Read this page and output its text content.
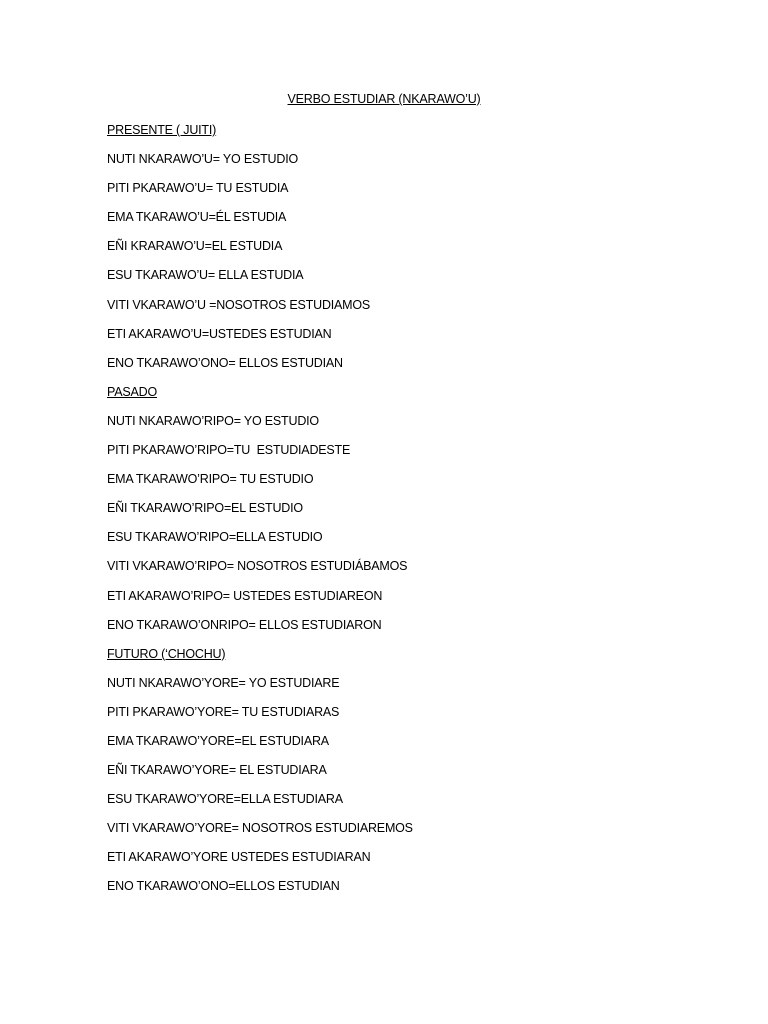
VERBO ESTUDIAR (NKARAWO’U)
PRESENTE ( JUITI)
NUTI NKARAWO’U= YO ESTUDIO
PITI PKARAWO’U= TU ESTUDIA
EMA TKARAWO’U=ÉL ESTUDIA
EÑI KRARAWO’U=EL ESTUDIA
ESU TKARAWO’U= ELLA ESTUDIA
VITI VKARAWO’U =NOSOTROS ESTUDIAMOS
ETI AKARAWO’U=USTEDES ESTUDIAN
ENO TKARAWO’ONO= ELLOS ESTUDIAN
PASADO
NUTI NKARAWO’RIPO= YO ESTUDIO
PITI PKARAWO’RIPO=TU  ESTUDIADESTE
EMA TKARAWO’RIPO= TU ESTUDIO
EÑI TKARAWO’RIPO=EL ESTUDIO
ESU TKARAWO’RIPO=ELLA ESTUDIO
VITI VKARAWO’RIPO= NOSOTROS ESTUDIÁBAMOS
ETI AKARAWO’RIPO= USTEDES ESTUDIAREON
ENO TKARAWO’ONRIPO= ELLOS ESTUDIARON
FUTURO (‘CHOCHU)
NUTI NKARAWO’YORE= YO ESTUDIARE
PITI PKARAWO’YORE= TU ESTUDIARAS
EMA TKARAWO’YORE=EL ESTUDIARA
EÑI TKARAWO’YORE= EL ESTUDIARA
ESU TKARAWO’YORE=ELLA ESTUDIARA
VITI VKARAWO’YORE= NOSOTROS ESTUDIAREMOS
ETI AKARAWO’YORE USTEDES ESTUDIARAN
ENO TKARAWO’ONO=ELLOS ESTUDIAN
